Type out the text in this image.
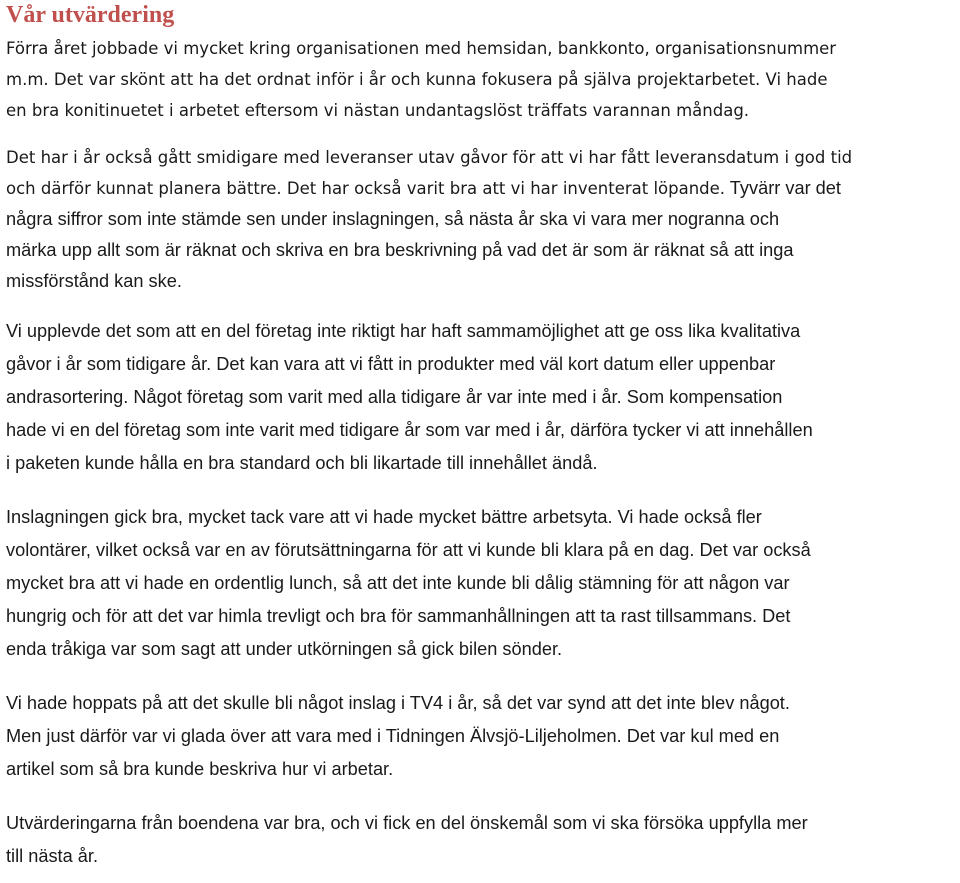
Vår utvärdering

Förra året jobbade vi mycket kring organisationen med hemsidan, bankkonto, organisationsnummer
m.m. Det var skönt att ha det ordnat inför i år och kunna fokusera på själva projektarbetet. Vi hade
en bra konitinuetet i arbetet eftersom vi nästan undantagslöst träffats varannan måndag.

Det har i år också gått smidigare med leveranser utav gåvor för att vi har fått leveransdatum i god tid
och därför kunnat planera bättre. Det har också varit bra att vi har inventerat löpande. Tyvärr var det
några siffror som inte stämde sen under inslagningen, så nästa år ska vi vara mer nogranna och
märka upp allt som är räknat och skriva en bra beskrivning på vad det är som är räknat så att inga
missförstånd kan ske.

Vi upplevde det som att en del företag inte riktigt har haft sammamöjlighet att ge oss lika kvalitativa
gåvor i år som tidigare år. Det kan vara att vi fått in produkter med väl kort datum eller uppenbar
andrasortering. Något företag som varit med alla tidigare år var inte med i år. Som kompensation
hade vi en del företag som inte varit med tidigare år som var med i år, därföra tycker vi att innehållen
i paketen kunde hålla en bra standard och bli likartade till innehållet ändå.

Inslagningen gick bra, mycket tack vare att vi hade mycket bättre arbetsyta. Vi hade också fler
volontärer, vilket också var en av förutsättningarna för att vi kunde bli klara på en dag. Det var också
mycket bra att vi hade en ordentlig lunch, så att det inte kunde bli dålig stämning för att någon var
hungrig och för att det var himla trevligt och bra för sammanhållningen att ta rast tillsammans. Det
enda tråkiga var som sagt att under utkörningen så gick bilen sönder.

Vi hade hoppats på att det skulle bli något inslag i TV4 i år, så det var synd att det inte blev något.
Men just därför var vi glada över att vara med i Tidningen Älvsjö-Liljeholmen. Det var kul med en
artikel som så bra kunde beskriva hur vi arbetar.

Utvärderingarna från boendena var bra, och vi fick en del önskemål som vi ska försöka uppfylla mer
till nästa år.
